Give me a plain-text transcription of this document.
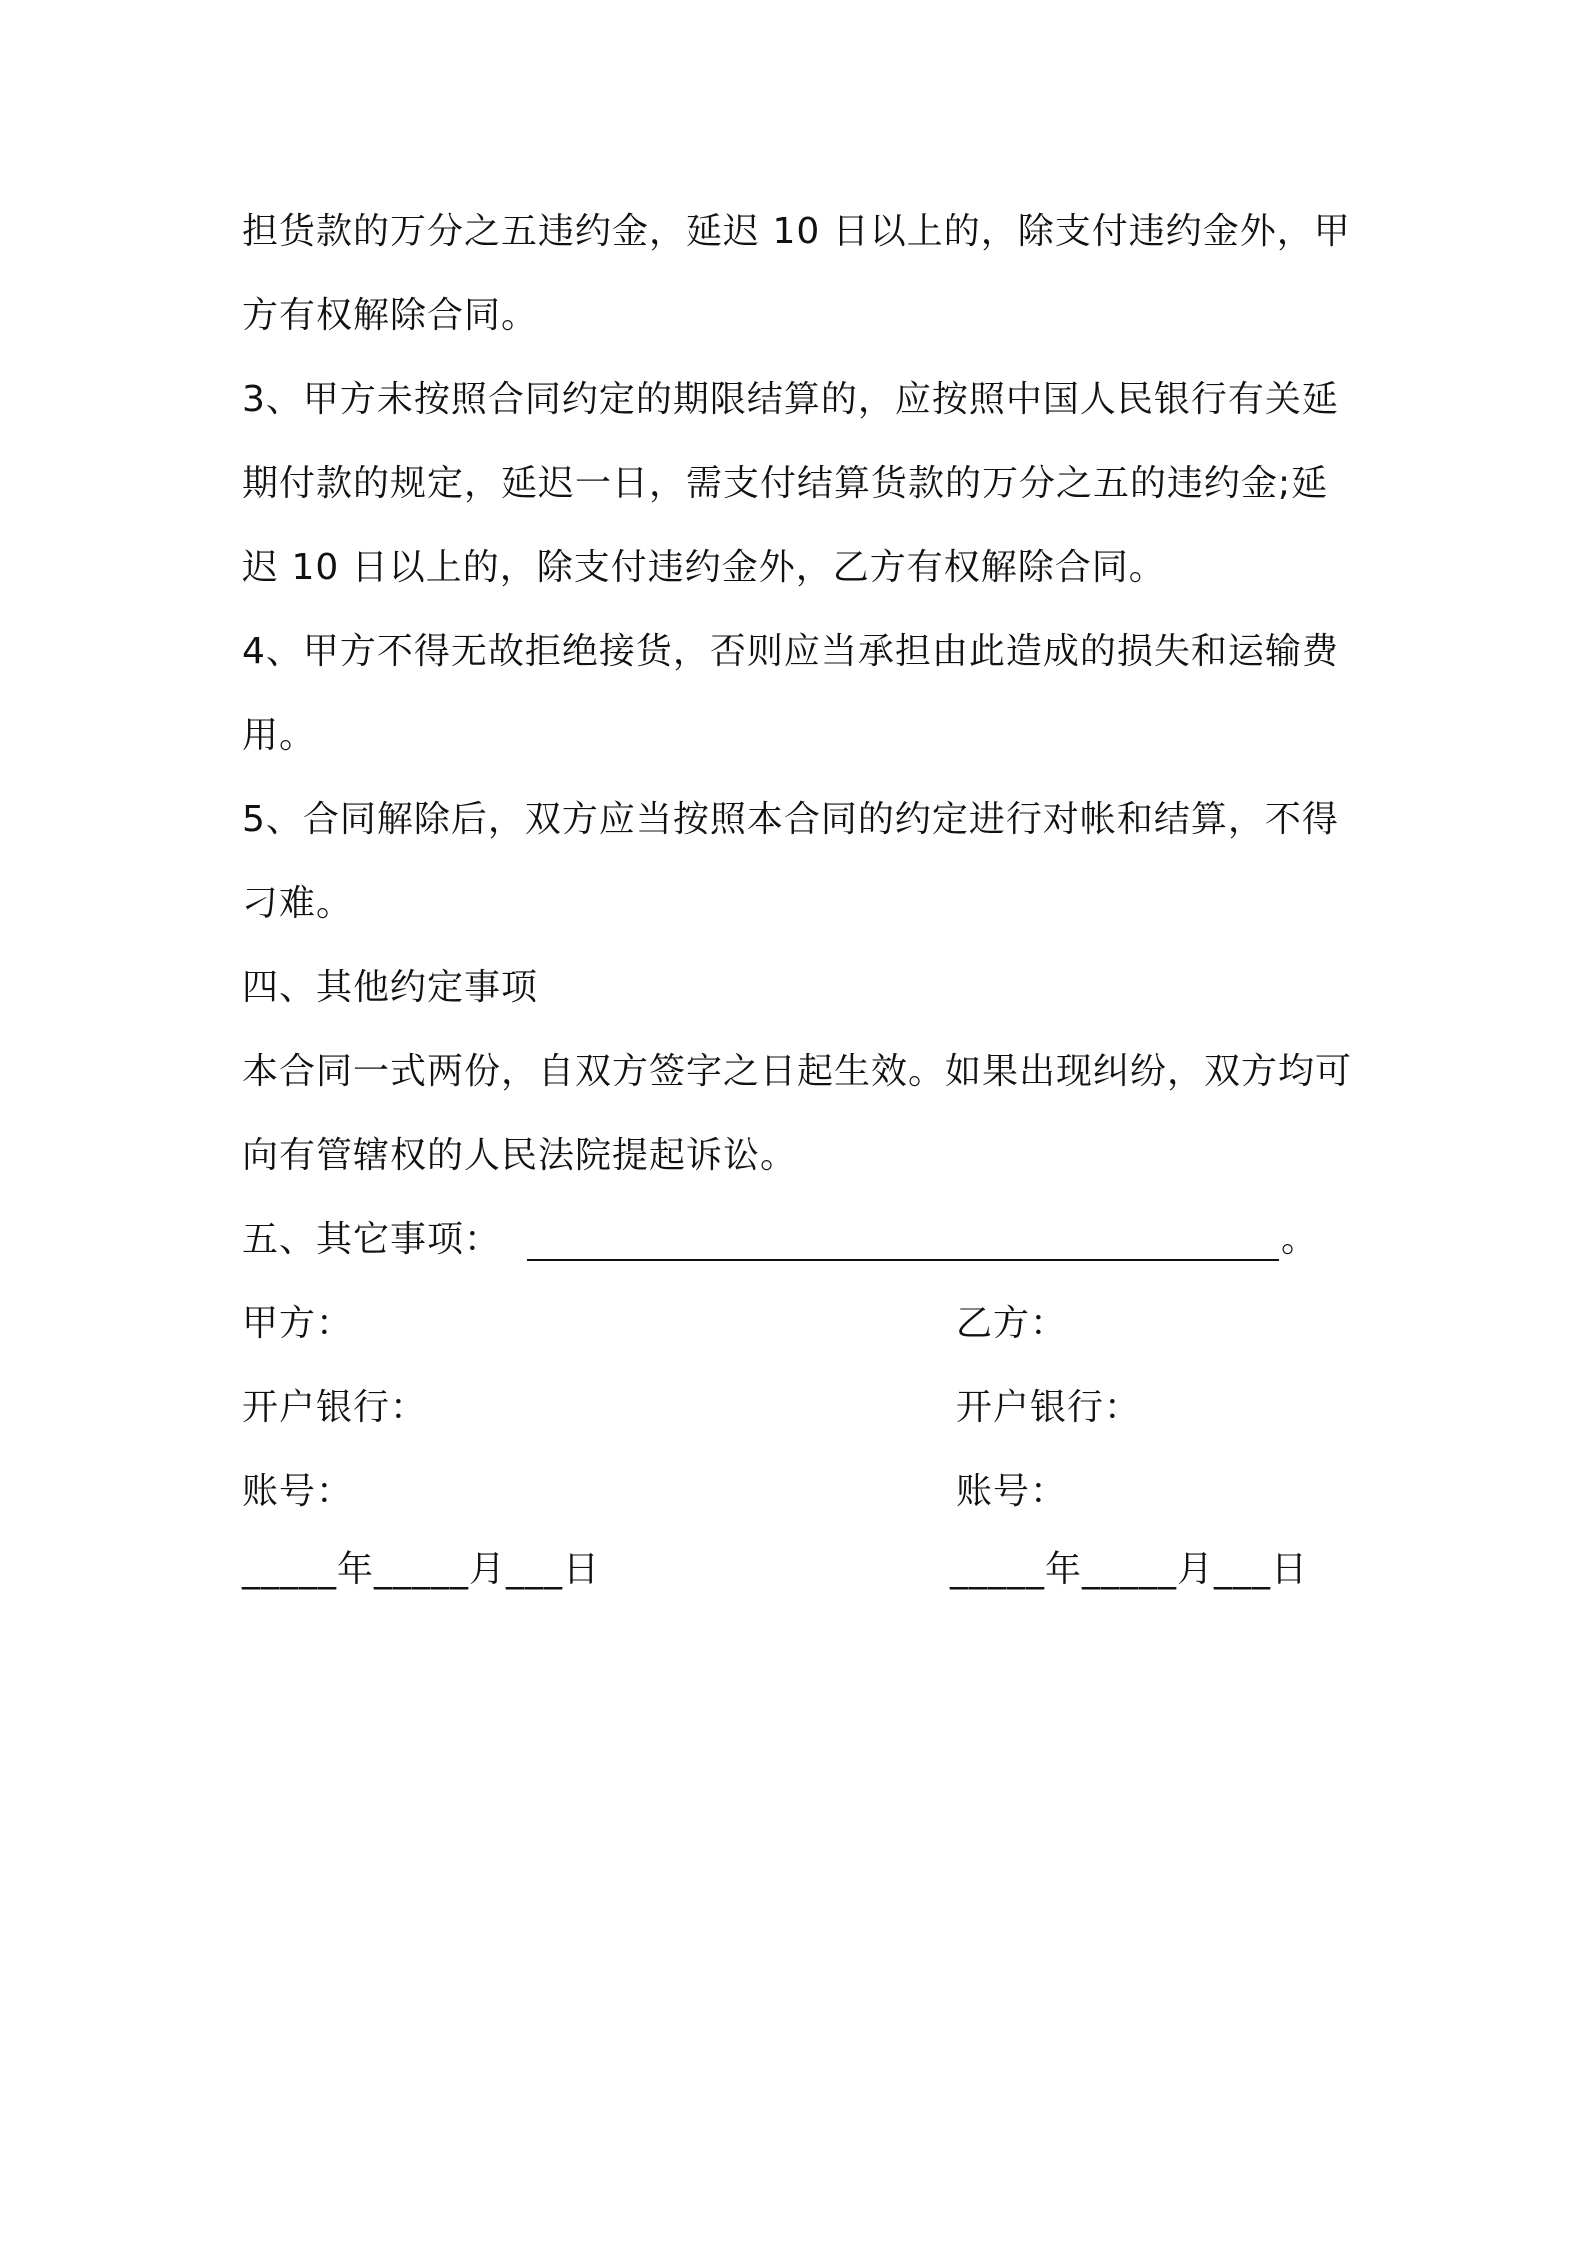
担货款的万分之五违约金，延迟 10 日以上的，除支付违约金外，甲
方有权解除合同。
3、甲方未按照合同约定的期限结算的，应按照中国人民银行有关延
期付款的规定，延迟一日，需支付结算货款的万分之五的违约金;延
迟 10 日以上的，除支付违约金外，乙方有权解除合同。
4、甲方不得无故拒绝接货，否则应当承担由此造成的损失和运输费
用。
5、合同解除后，双方应当按照本合同的约定进行对帐和结算，不得
刁难。
四、其他约定事项
本合同一式两份，自双方签字之日起生效。如果出现纠纷，双方均可
向有管辖权的人民法院提起诉讼。
五、其它事项：	。
甲方：	乙方：
开户银行：	开户银行：
账号：	账号：
_____年_____月___日	_____年_____月___日
